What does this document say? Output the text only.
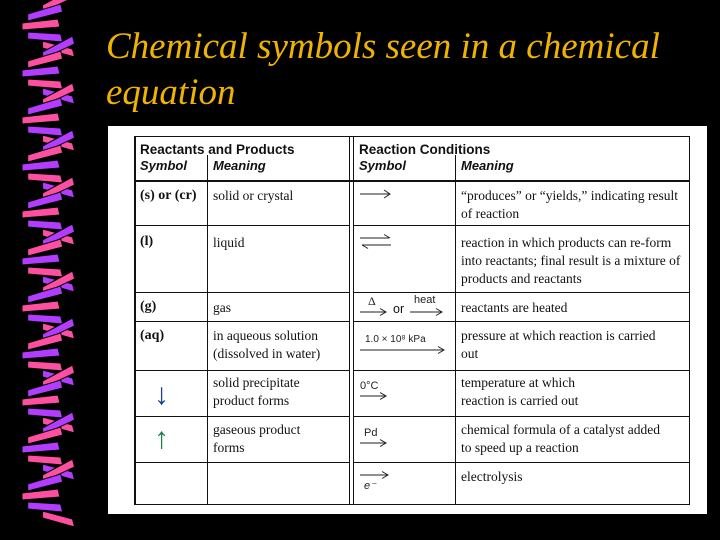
Chemical symbols seen in a chemical equation
Reactants and Products
Symbol Meaning
Reaction Conditions
Symbol	Meaning
(s) or (cr)
(l)
(g)
(aq)
↓
↑
solid or crystal
liquid
gas
in aqueous solution (dissolved in water)
solid precipitate product forms
gaseous product forms
Δ
or
heat
1.0 × 10⁸ kPa
0°C
Pd
e⁻
“produces” or “yields,” indicating result of reaction
reaction in which products can re-form into reactants; final result is a mixture of products and reactants
reactants are heated
pressure at which reaction is carried out
temperature at which reaction is carried out
chemical formula of a catalyst added to speed up a reaction
electrolysis
